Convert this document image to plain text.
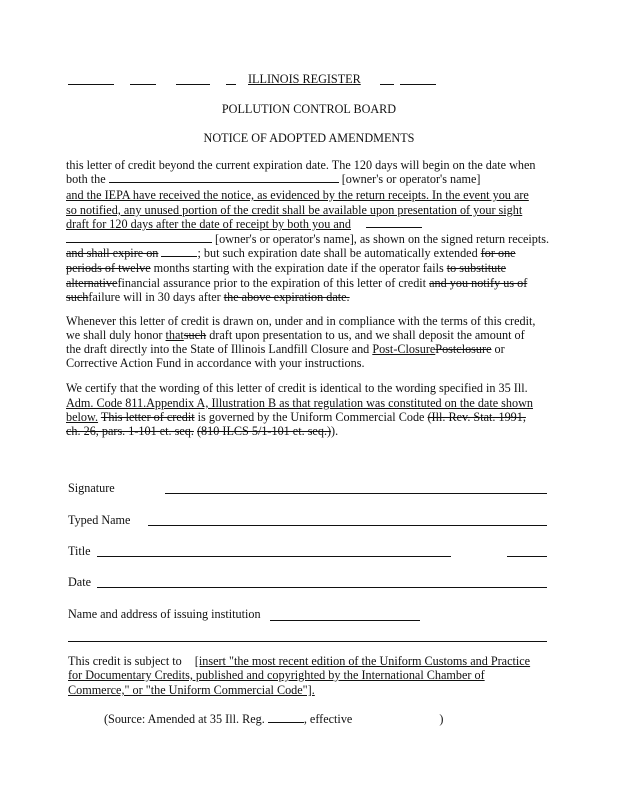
ILLINOIS REGISTER
POLLUTION CONTROL BOARD
NOTICE OF ADOPTED AMENDMENTS
this letter of credit beyond the current expiration date. The 120 days will begin on the date when
both the	[owner's or operator's name]
and the IEPA have received the notice, as evidenced by the return receipts. In the event you are
so notified, any unused portion of the credit shall be available upon presentation of your sight
draft for 120 days after the date of receipt by both you and
[owner's or operator's name], as shown on the signed return receipts.
and shall expire on	; but such expiration date shall be automatically extended for one
periods of twelve months starting with the expiration date if the operator fails to substitute
alternativefinancial assurance prior to the expiration of this letter of credit and you notify us of
suchfailure will in 30 days after the above expiration date.
Whenever this letter of credit is drawn on, under and in compliance with the terms of this credit,
we shall duly honor thatsuch draft upon presentation to us, and we shall deposit the amount of
the draft directly into the State of Illinois Landfill Closure and Post-ClosurePostclosure or
Corrective Action Fund in accordance with your instructions.
We certify that the wording of this letter of credit is identical to the wording specified in 35 Ill.
Adm. Code 811.Appendix A, Illustration B as that regulation was constituted on the date shown
below. This letter of credit is governed by the Uniform Commercial Code (Ill. Rev. Stat. 1991,
ch. 26, pars. 1-101 et. seq. (810 ILCS 5/1-101 et. seq.)).
Signature
Typed Name
Title
Date
Name and address of issuing institution
This credit is subject to [insert "the most recent edition of the Uniform Customs and Practice
for Documentary Credits, published and copyrighted by the International Chamber of
Commerce," or "the Uniform Commercial Code"].
(Source: Amended at 35 Ill. Reg.	, effective	)
